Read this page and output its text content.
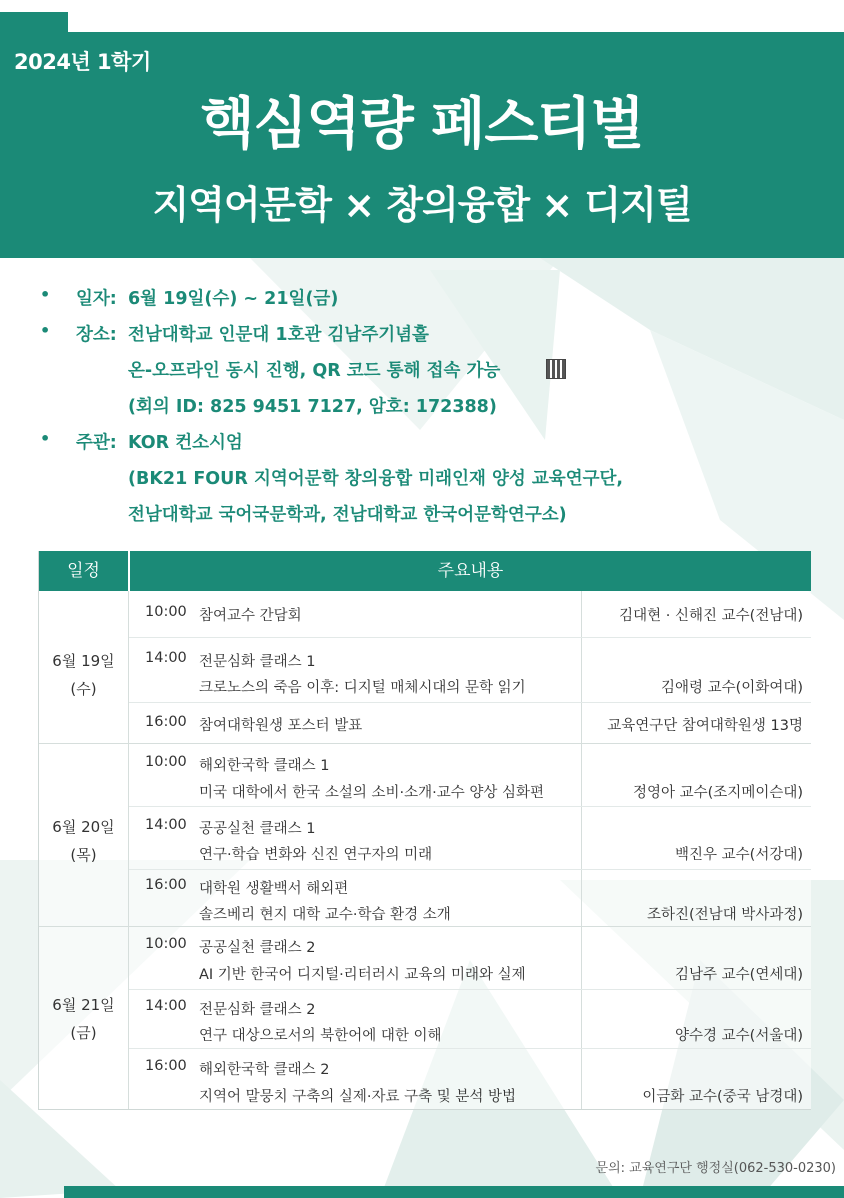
2024년 1학기
핵심역량 페스티벌
지역어문학 × 창의융합 × 디지털
• 일자: 6월 19일(수) ~ 21일(금)
• 장소: 전남대학교 인문대 1호관 김남주기념홀
온-오프라인 동시 진행, QR 코드 통해 접속 가능
(회의 ID: 825 9451 7127, 암호: 172388)
• 주관: KOR 컨소시엄
(BK21 FOUR 지역어문학 창의융합 미래인재 양성 교육연구단,
전남대학교 국어국문학과, 전남대학교 한국어문학연구소)
일정	주요내용
6월 19일
(수)
10:00 참여교수 간담회	김대현 · 신해진 교수(전남대)
14:00 전문심화 클래스 1
크로노스의 죽음 이후: 디지털 매체시대의 문학 읽기	김애령 교수(이화여대)
16:00 참여대학원생 포스터 발표	교육연구단 참여대학원생 13명
6월 20일
(목)
10:00 해외한국학 클래스 1
미국 대학에서 한국 소설의 소비·소개·교수 양상 심화편	정영아 교수(조지메이슨대)
14:00 공공실천 클래스 1
연구·학습 변화와 신진 연구자의 미래	백진우 교수(서강대)
16:00 대학원 생활백서 해외편
솔즈베리 현지 대학 교수·학습 환경 소개	조하진(전남대 박사과정)
6월 21일
(금)
10:00 공공실천 클래스 2
AI 기반 한국어 디지털·리터러시 교육의 미래와 실제	김남주 교수(연세대)
14:00 전문심화 클래스 2
연구 대상으로서의 북한어에 대한 이해	양수경 교수(서울대)
16:00 해외한국학 클래스 2
지역어 말뭉치 구축의 실제·자료 구축 및 분석 방법	이금화 교수(중국 남경대)
문의: 교육연구단 행정실(062-530-0230)
